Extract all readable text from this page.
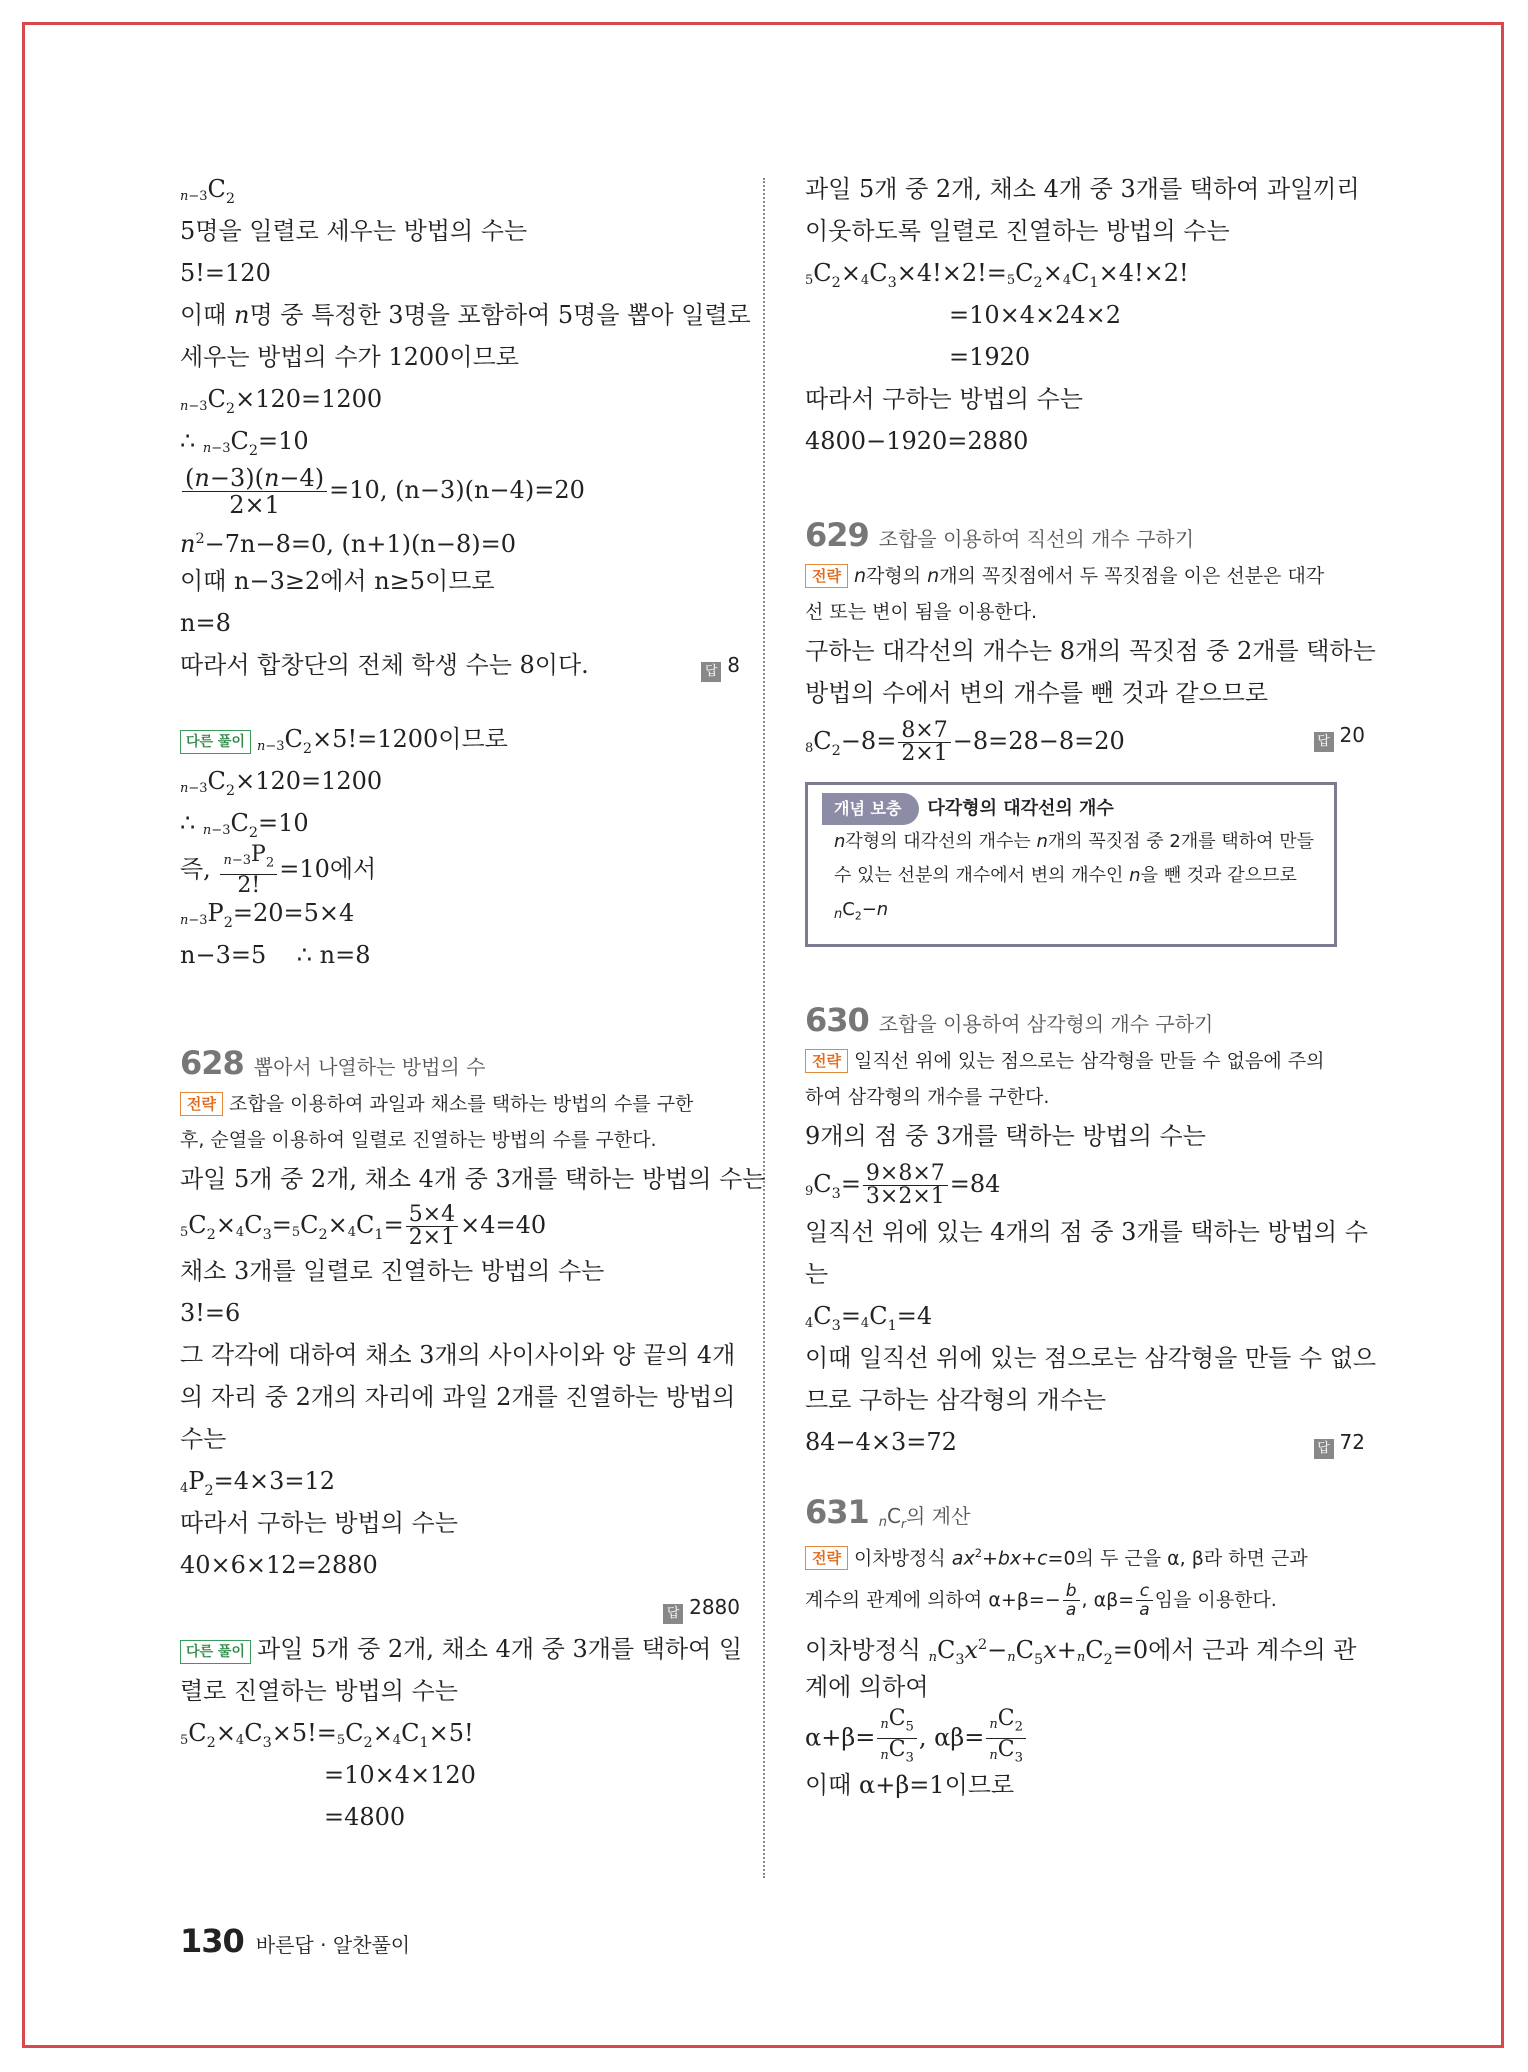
$n-3C_2$
5명을 일렬로 세우는 방법의 수는
5!=120
이때 n명 중 특정한 3명을 포함하여 5명을 뽑아 일렬로
세우는 방법의 수가 1200이므로
$n-3C_2\times 120=1200$
∴ $n-3C_2=10$
$\frac{(n-3)(n-4)}{2\times 1} =10$, (n−3)(n−4)=20
$n^2-7n-8=0$, (n+1)(n−8)=0
이때 n−3≥2에서 n≥5이므로
n=8
따라서 합창단의 전체 학생 수는 8이다.	답 8
다른 풀이 $n-3C_2\times 5!=1200$이므로
$n-3C_2\times 120=1200$
∴ $n-3C_2=10$
즉, $\frac{n-3P_2}{2!} =10$에서
$n-3P_2=20=5\times 4$
n−3=5 ∴ n=8
628 뽑아서 나열하는 방법의 수
전략 조합을 이용하여 과일과 채소를 택하는 방법의 수를 구한
후, 순열을 이용하여 일렬로 진열하는 방법의 수를 구한다.
과일 5개 중 2개, 채소 4개 중 3개를 택하는 방법의 수는
$5C_2\times 4C_3=5C_2\times 4C_1= \frac{5\times 4}{2\times 1} \times 4=40$
채소 3개를 일렬로 진열하는 방법의 수는
3!=6
그 각각에 대하여 채소 3개의 사이사이와 양 끝의 4개
의 자리 중 2개의 자리에 과일 2개를 진열하는 방법의
수는
$4P_2=4\times 3=12$
따라서 구하는 방법의 수는
40×6×12=2880
답 2880
다른 풀이 과일 5개 중 2개, 채소 4개 중 3개를 택하여 일
렬로 진열하는 방법의 수는
$5C_2\times 4C_3\times 5!=5C_2\times 4C_1\times 5$!
=10×4×120
=4800
과일 5개 중 2개, 채소 4개 중 3개를 택하여 과일끼리
이웃하도록 일렬로 진열하는 방법의 수는
$5C_2\times 4C_3\times 4!\times 2!=5C_2\times 4C_1\times 4!\times 2$!
=10×4×24×2
=1920
따라서 구하는 방법의 수는
4800−1920=2880
629 조합을 이용하여 직선의 개수 구하기
전략 n각형의 n개의 꼭짓점에서 두 꼭짓점을 이은 선분은 대각
선 또는 변이 됨을 이용한다.
구하는 대각선의 개수는 8개의 꼭짓점 중 2개를 택하는
방법의 수에서 변의 개수를 뺀 것과 같으므로
$8C_2-8= \frac{8\times 7}{2\times 1} -8=28-8=20$	답 20
개념 보충 다각형의 대각선의 개수
n각형의 대각선의 개수는 n개의 꼭짓점 중 2개를 택하여 만들
수 있는 선분의 개수에서 변의 개수인 n을 뺀 것과 같으므로
$nC_2-n$
630 조합을 이용하여 삼각형의 개수 구하기
전략 일직선 위에 있는 점으로는 삼각형을 만들 수 없음에 주의
하여 삼각형의 개수를 구한다.
9개의 점 중 3개를 택하는 방법의 수는
$9C_3= \frac{9\times 8\times 7}{3\times 2\times 1} =84$
일직선 위에 있는 4개의 점 중 3개를 택하는 방법의 수
는
$4C_3=4C_1=4$
이때 일직선 위에 있는 점으로는 삼각형을 만들 수 없으
므로 구하는 삼각형의 개수는
84−4×3=72	답 72
631 $nC_r$의 계산
전략 이차방정식 $ax^2+bx+c=0$의 두 근을 α, β라 하면 근과
계수의 관계에 의하여 $\alpha+\beta=- \frac{b}{a}$ , $\alpha\beta= \frac{c}{a}$ 임을 이용한다.
이차방정식 $nC_3x^2-nC_5x+nC_2=0$에서 근과 계수의 관
계에 의하여
$\alpha+\beta= \frac{nC_5}{nC_3}$ , $\alpha\beta= \frac{nC_2}{nC_3}$
이때 α+β=1이므로
130 바른답 · 알찬풀이
